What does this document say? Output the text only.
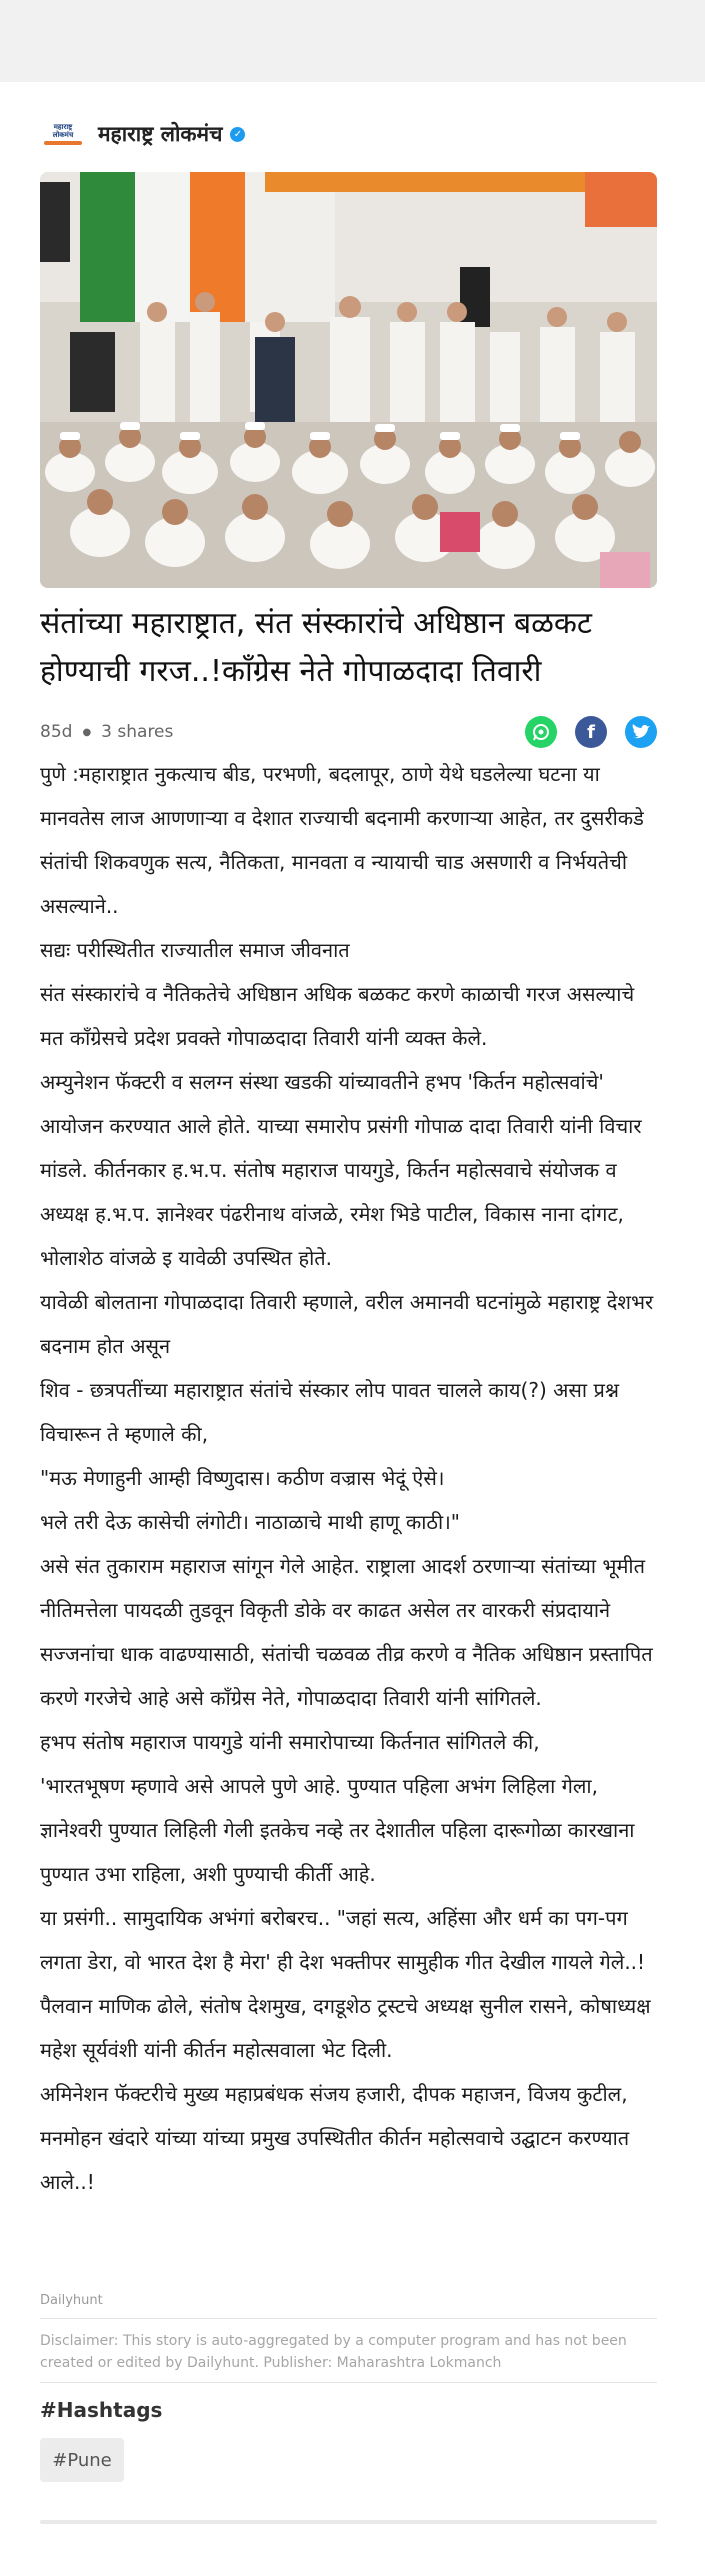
महाराष्ट्र
लोकमंच महाराष्ट्र लोकमंच	✓
संतांच्या महाराष्ट्रात, संत संस्कारांचे अधिष्ठान बळकट होण्याची गरज..!काँग्रेस नेते गोपाळदादा तिवारी
85d ● 3 shares	f

पुणे :महाराष्ट्रात नुकत्याच बीड, परभणी, बदलापूर, ठाणे येथे घडलेल्या घटना या मानवतेस लाज आणणाऱ्या व देशात राज्याची बदनामी करणाऱ्या आहेत, तर दुसरीकडे संतांची शिकवणुक सत्य, नैतिकता, मानवता व न्यायाची चाड असणारी व निर्भयतेची असल्याने..

सद्यः परीस्थितीत राज्यातील समाज जीवनात

संत संस्कारांचे व नैतिकतेचे अधिष्ठान अधिक बळकट करणे काळाची गरज असल्याचे मत काँग्रेसचे प्रदेश प्रवक्ते गोपाळदादा तिवारी यांनी व्यक्त केले.

अम्युनेशन फॅक्टरी व सलग्न संस्था खडकी यांच्यावतीने हभप 'किर्तन महोत्सवांचे' आयोजन करण्यात आले होते. याच्या समारोप प्रसंगी गोपाळ दादा तिवारी यांनी विचार मांडले. कीर्तनकार ह.भ.प. संतोष महाराज पायगुडे, किर्तन महोत्सवाचे संयोजक व अध्यक्ष ह.भ.प. ज्ञानेश्वर पंढरीनाथ वांजळे, रमेश भिडे पाटील, विकास नाना दांगट, भोलाशेठ वांजळे इ यावेळी उपस्थित होते.

यावेळी बोलताना गोपाळदादा तिवारी म्हणाले, वरील अमानवी घटनांमुळे महाराष्ट्र देशभर बदनाम होत असून

शिव - छत्रपतींच्या महाराष्ट्रात संतांचे संस्कार लोप पावत चालले काय(?) असा प्रश्न विचारून ते म्हणाले की,

"मऊ मेणाहुनी आम्ही विष्णुदास। कठीण वज्रास भेदूं ऐसे।

भले तरी देऊ कासेची लंगोटी। नाठाळाचे माथी हाणू काठी।"

असे संत तुकाराम महाराज सांगून गेले आहेत. राष्ट्राला आदर्श ठरणाऱ्या संतांच्या भूमीत नीतिमत्तेला पायदळी तुडवून विकृती डोके वर काढत असेल तर वारकरी संप्रदायाने सज्जनांचा धाक वाढण्यासाठी, संतांची चळवळ तीव्र करणे व नैतिक अधिष्ठान प्रस्तापित करणे गरजेचे आहे असे काँग्रेस नेते, गोपाळदादा तिवारी यांनी सांगितले.

हभप संतोष महाराज पायगुडे यांनी समारोपाच्या किर्तनात सांगितले की,

'भारतभूषण म्हणावे असे आपले पुणे आहे. पुण्यात पहिला अभंग लिहिला गेला, ज्ञानेश्वरी पुण्यात लिहिली गेली इतकेच नव्हे तर देशातील पहिला दारूगोळा कारखाना पुण्यात उभा राहिला, अशी पुण्याची कीर्ती आहे.

या प्रसंगी.. सामुदायिक अभंगां बरोबरच.. "जहां सत्य, अहिंसा और धर्म का पग-पग लगता डेरा, वो भारत देश है मेरा' ही देश भक्तीपर सामुहीक गीत देखील गायले गेले..!

पैलवान माणिक ढोले, संतोष देशमुख, दगडूशेठ ट्रस्टचे अध्यक्ष सुनील रासने, कोषाध्यक्ष महेश सूर्यवंशी यांनी कीर्तन महोत्सवाला भेट दिली.

अमिनेशन फॅक्टरीचे मुख्य महाप्रबंधक संजय हजारी, दीपक महाजन, विजय कुटील, मनमोहन खंदारे यांच्या यांच्या प्रमुख उपस्थितीत कीर्तन महोत्सवाचे उद्घाटन करण्यात आले..!

Dailyhunt
Disclaimer: This story is auto-aggregated by a computer program and has not been created or edited by Dailyhunt. Publisher: Maharashtra Lokmanch
#Hashtags
#Pune
